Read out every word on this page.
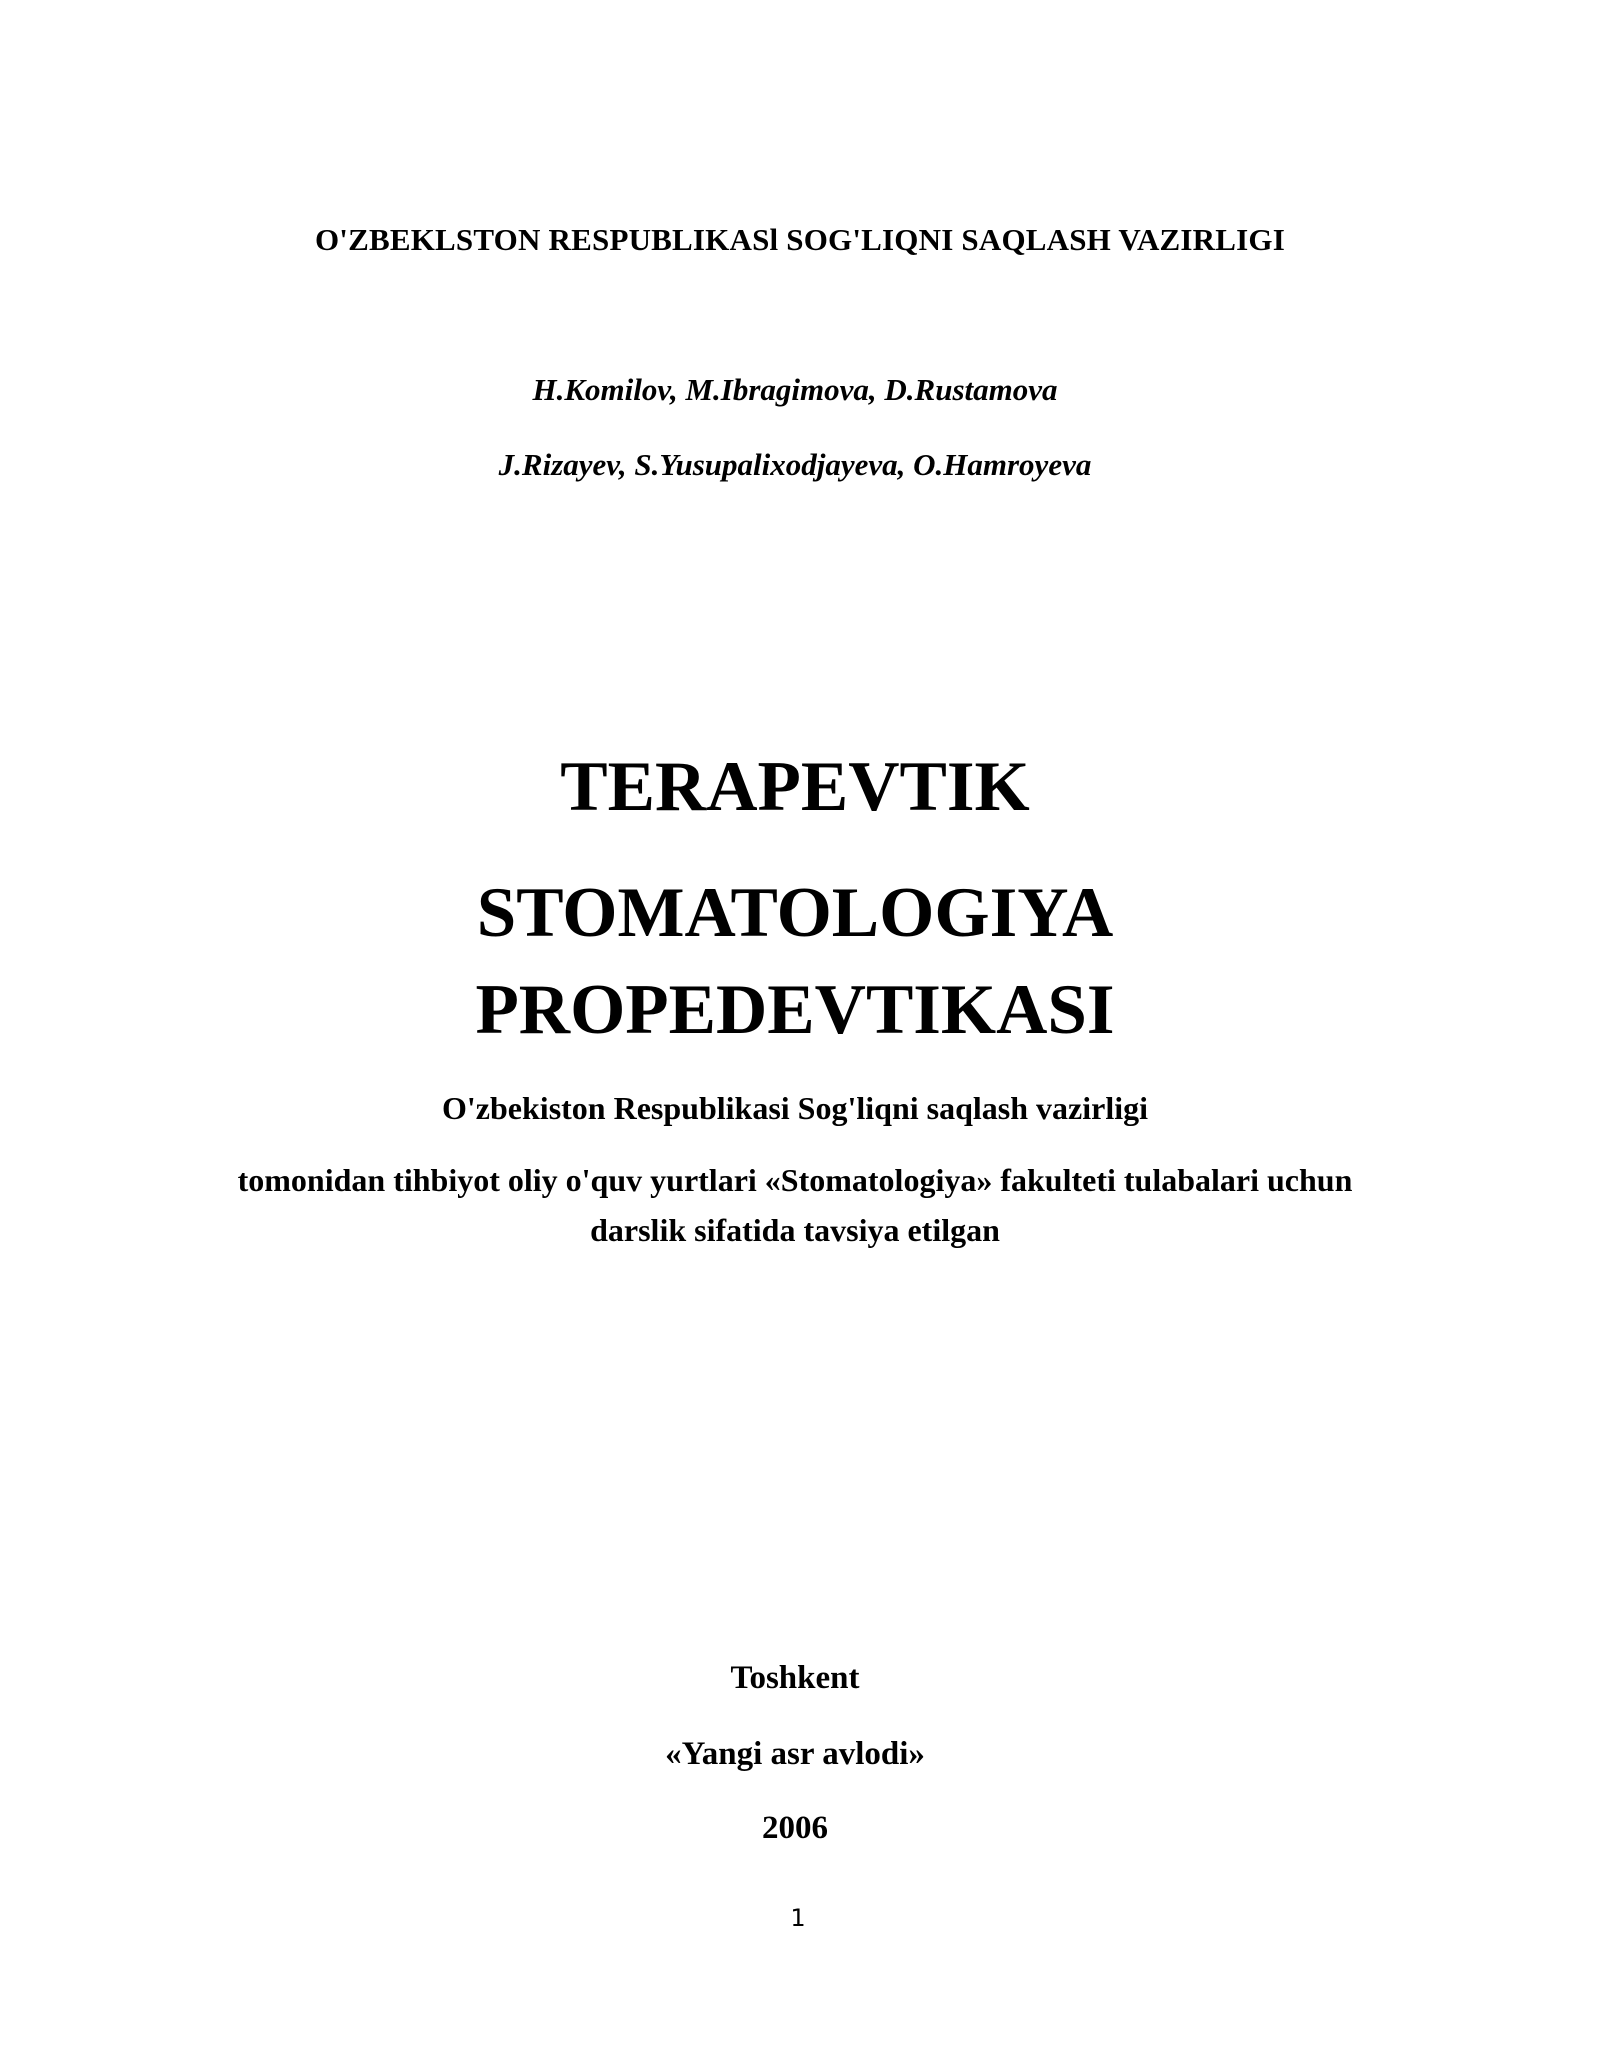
O'ZBEKLSTON RESPUBLIKASl SOG'LIQNI SAQLASH VAZIRLIGI
H.Komilov, M.Ibragimova, D.Rustamova
J.Rizayev, S.Yusupalixodjayeva, O.Hamroyeva
TERAPEVTIK
STOMATOLOGIYA
PROPEDEVTIKASI
O'zbekiston Respublikasi Sog'liqni saqlash vazirligi
tomonidan tihbiyot oliy o'quv yurtlari «Stomatologiya» fakulteti tulabalari uchun
darslik sifatida tavsiya etilgan
Toshkent
«Yangi asr avlodi»
2006
1
